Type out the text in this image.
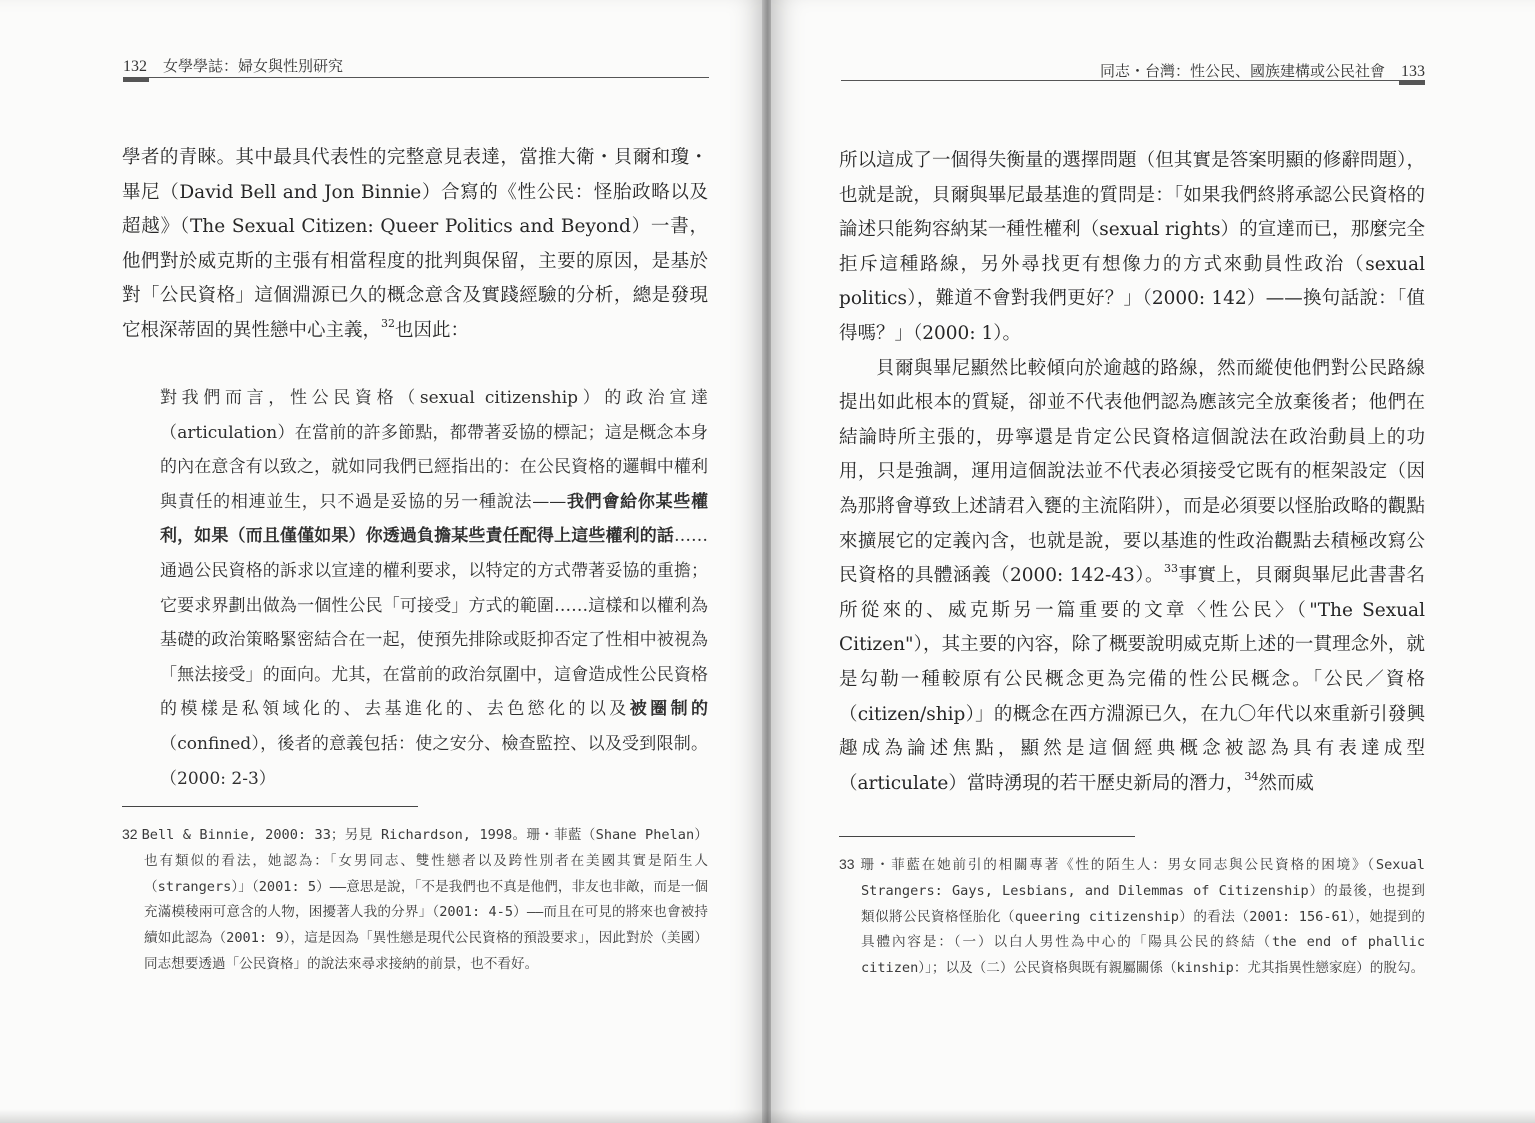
132 女學學誌：婦女與性別研究

學者的青睞。其中最具代表性的完整意見表達，當推大衛・貝爾和瓊・畢尼（David Bell and Jon Binnie）合寫的《性公民：怪胎政略以及超越》（The Sexual Citizen: Queer Politics and Beyond）一書，他們對於威克斯的主張有相當程度的批判與保留，主要的原因，是基於對「公民資格」這個淵源已久的概念意含及實踐經驗的分析，總是發現它根深蒂固的異性戀中心主義，$^{32}$也因此：

對我們而言，性公民資格（sexual citizenship）的政治宣達（articulation）在當前的許多節點，都帶著妥協的標記；這是概念本身的內在意含有以致之，就如同我們已經指出的：在公民資格的邏輯中權利與責任的相連並生，只不過是妥協的另一種說法——我們會給你某些權利，如果（而且僅僅如果）你透過負擔某些責任配得上這些權利的話……通過公民資格的訴求以宣達的權利要求，以特定的方式帶著妥協的重擔；它要求界劃出做為一個性公民「可接受」方式的範圍……這樣和以權利為基礎的政治策略緊密結合在一起，使預先排除或貶抑否定了性相中被視為「無法接受」的面向。尤其，在當前的政治氛圍中，這會造成性公民資格的模樣是私領域化的、去基進化的、去色慾化的以及被圈制的（confined），後者的意義包括：使之安分、檢查監控、以及受到限制。（2000: 2-3）

32 Bell & Binnie, 2000: 33；另見 Richardson, 1998。珊・菲藍（Shane Phelan）也有類似的看法，她認為：「女男同志、雙性戀者以及跨性別者在美國其實是陌生人（strangers）」（2001: 5）——意思是說，「不是我們也不真是他們，非友也非敵，而是一個充滿模稜兩可意含的人物，困擾著人我的分界」（2001: 4-5）——而且在可見的將來也會被持續如此認為（2001: 9），這是因為「異性戀是現代公民資格的預設要求」，因此對於（美國）同志想要透過「公民資格」的說法來尋求接納的前景，也不看好。

同志・台灣：性公民、國族建構或公民社會 133

所以這成了一個得失衡量的選擇問題（但其實是答案明顯的修辭問題），也就是說，貝爾與畢尼最基進的質問是：「如果我們終將承認公民資格的論述只能夠容納某一種性權利（sexual rights）的宣達而已，那麼完全拒斥這種路線，另外尋找更有想像力的方式來動員性政治（sexual politics），難道不會對我們更好？」（2000: 142）——換句話說：「值得嗎？」（2000: 1）。

貝爾與畢尼顯然比較傾向於逾越的路線，然而縱使他們對公民路線提出如此根本的質疑，卻並不代表他們認為應該完全放棄後者；他們在結論時所主張的，毋寧還是肯定公民資格這個說法在政治動員上的功用，只是強調，運用這個說法並不代表必須接受它既有的框架設定（因為那將會導致上述請君入甕的主流陷阱），而是必須要以怪胎政略的觀點來擴展它的定義內含，也就是說，要以基進的性政治觀點去積極改寫公民資格的具體涵義（2000: 142-43）。$^{33}$事實上，貝爾與畢尼此書書名所從來的、威克斯另一篇重要的文章〈性公民〉（"The Sexual Citizen"），其主要的內容，除了概要說明威克斯上述的一貫理念外，就是勾勒一種較原有公民概念更為完備的性公民概念。「公民／資格（citizen/ship）」的概念在西方淵源已久，在九〇年代以來重新引發興趣成為論述焦點，顯然是這個經典概念被認為具有表達成型（articulate）當時湧現的若干歷史新局的潛力，$^{34}$然而威

33 珊・菲藍在她前引的相關專著《性的陌生人：男女同志與公民資格的困境》（Sexual Strangers: Gays, Lesbians, and Dilemmas of Citizenship）的最後，也提到類似將公民資格怪胎化（queering citizenship）的看法（2001: 156-61），她提到的具體內容是：（一）以白人男性為中心的「陽具公民的終結（the end of phallic citizen）」；以及（二）公民資格與既有親屬關係（kinship：尤其指異性戀家庭）的脫勾。
